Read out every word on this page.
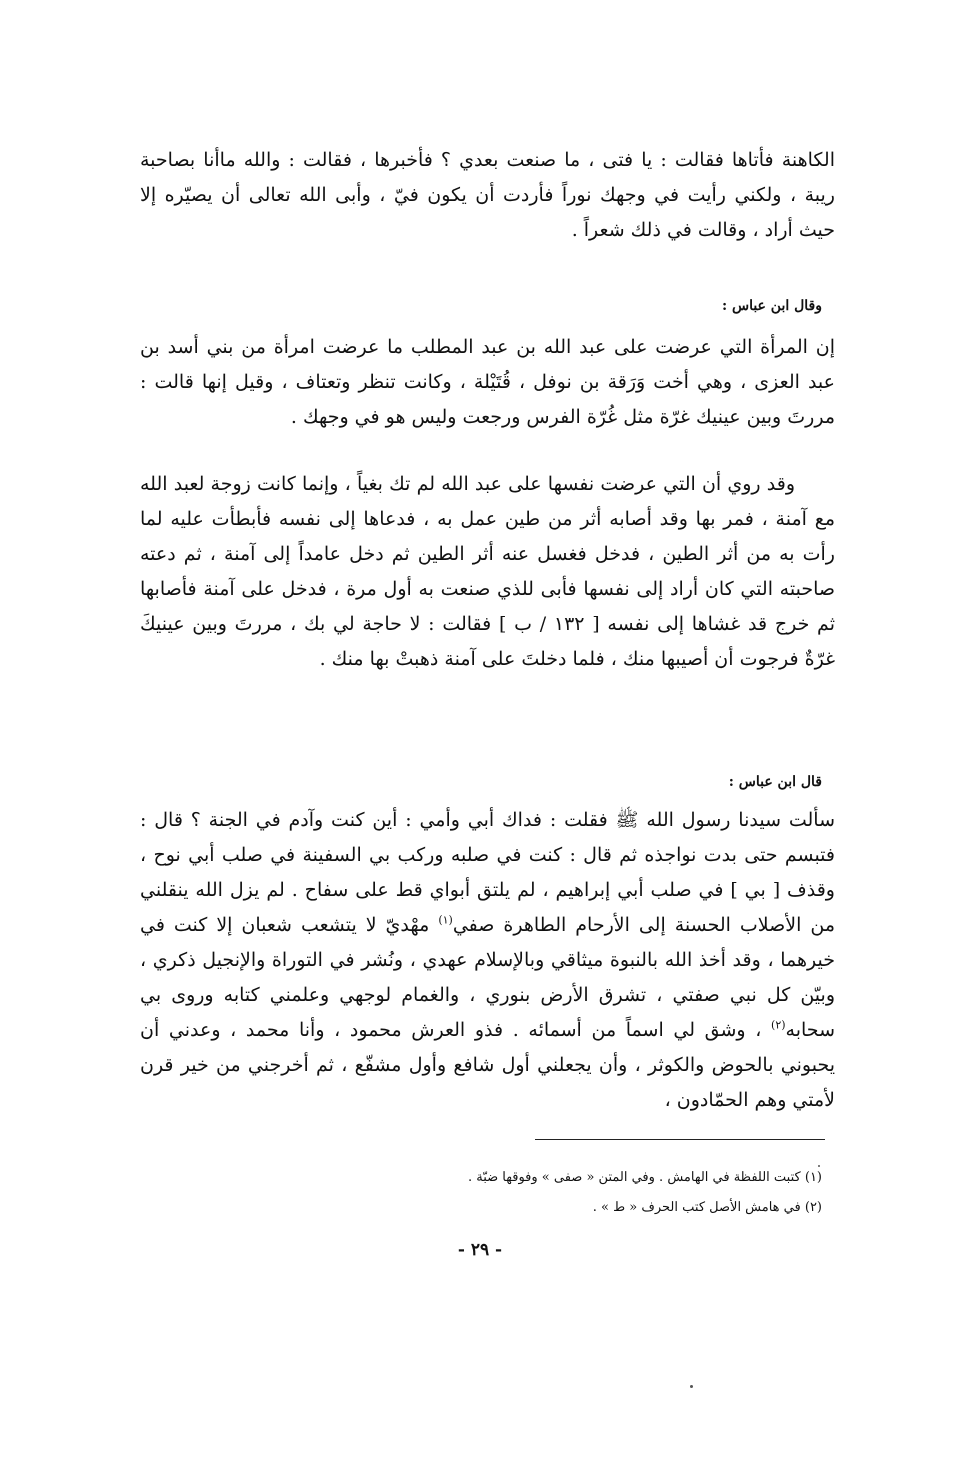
الكاهنة فأتاها فقالت : يا فتى ، ما صنعت بعدي ؟ فأخبرها ، فقالت : والله ماأنا بصاحبة ريبة ، ولكني رأيت في وجهك نوراً فأردت أن يكون فيّ ، وأبى الله تعالى أن يصيّره إلا حيث أراد ، وقالت في ذلك شعراً .

وقال ابن عباس :

إن المرأة التي عرضت على عبد الله بن عبد المطلب ما عرضت امرأة من بني أسد بن عبد العزى ، وهي أخت وَرَقة بن نوفل ، قُتَيْلة ، وكانت تنظر وتعتاف ، وقيل إنها قالت : مررتَ وبين عينيك غرّة مثل غُرّة الفرس ورجعت وليس هو في وجهك .

وقد روي أن التي عرضت نفسها على عبد الله لم تك بغياً ، وإنما كانت زوجة لعبد الله مع آمنة ، فمر بها وقد أصابه أثر من طين عمل به ، فدعاها إلى نفسه فأبطأت عليه لما رأت به من أثر الطين ، فدخل فغسل عنه أثر الطين ثم دخل عامداً إلى آمنة ، ثم دعته صاحبته التي كان أراد إلى نفسها فأبى للذي صنعت به أول مرة ، فدخل على آمنة فأصابها ثم خرج قد غشاها إلى نفسه [ ١٣٢ / ب ] فقالت : لا حاجة لي بك ، مررتَ وبين عينيكَ غرّةٌ فرجوت أن أصيبها منك ، فلما دخلتَ على آمنة ذهبتْ بها منك .

قال ابن عباس :

سألت سيدنا رسول الله ﷺ فقلت : فداك أبي وأمي : أين كنت وآدم في الجنة ؟ قال : فتبسم حتى بدت نواجذه ثم قال : كنت في صلبه وركب بي السفينة في صلب أبي نوح ، وقذف [ بي ] في صلب أبي إبراهيم ، لم يلتق أبواي قط على سفاح . لم يزل الله ينقلني من الأصلاب الحسنة إلى الأرحام الطاهرة صفي$^{(١)}$ مهْديّ لا يتشعب شعبان إلا كنت في خيرهما ، وقد أخذ الله بالنبوة ميثاقي وبالإسلام عهدي ، ونُشر في التوراة والإنجيل ذكري ، وبيّن كل نبي صفتي ، تشرق الأرض بنوري ، والغمام لوجهي وعلمني كتابه وروى بي سحابه$^{(٢)}$ ، وشق لي اسماً من أسمائه . فذو العرش محمود ، وأنا محمد ، وعدني أن يحبوني بالحوض والكوثر ، وأن يجعلني أول شافع وأول مشفّع ، ثم أخرجني من خير قرن لأمتي وهم الحمّادون ،

(١) كتبت اللفظة في الهامش . وفي المتن « صفى » وفوقها ضبّة .
(٢) في هامش الأصل كتب الحرف « ط » .
- ٢٩ -
